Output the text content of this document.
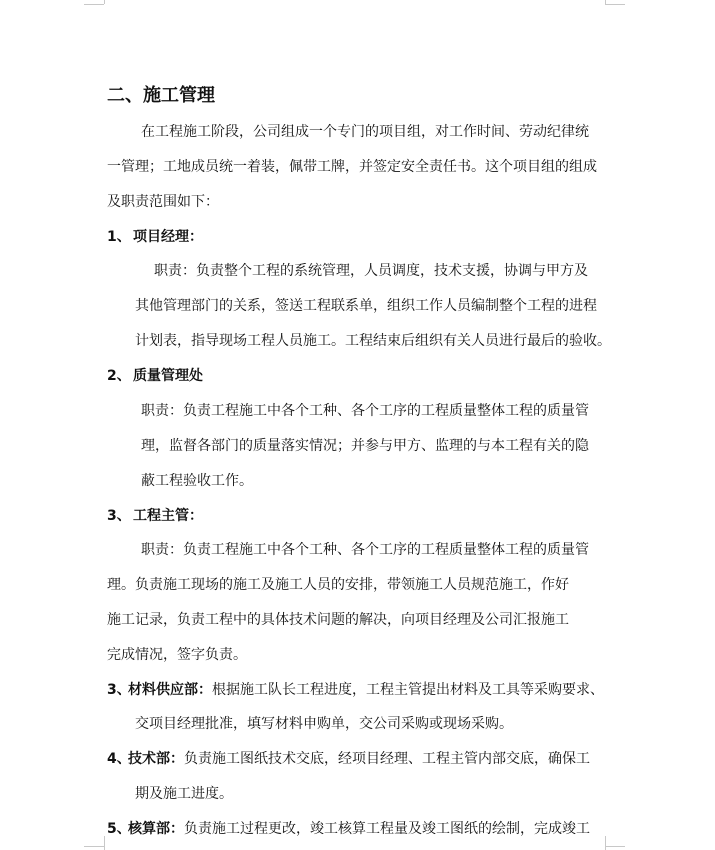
二、施工管理
在工程施工阶段，公司组成一个专门的项目组，对工作时间、劳动纪律统
一管理；工地成员统一着装，佩带工牌，并签定安全责任书。这个项目组的组成
及职责范围如下：
1、 项目经理：
职责：负责整个工程的系统管理，人员调度，技术支援，协调与甲方及
其他管理部门的关系，签送工程联系单，组织工作人员编制整个工程的进程
计划表，指导现场工程人员施工。工程结束后组织有关人员进行最后的验收。
2、 质量管理处
职责：负责工程施工中各个工种、各个工序的工程质量整体工程的质量管
理，监督各部门的质量落实情况；并参与甲方、监理的与本工程有关的隐
蔽工程验收工作。
3、 工程主管：
职责：负责工程施工中各个工种、各个工序的工程质量整体工程的质量管
理。负责施工现场的施工及施工人员的安排，带领施工人员规范施工，作好
施工记录，负责工程中的具体技术问题的解决，向项目经理及公司汇报施工
完成情况，签字负责。
3、
材料供应部： 根据施工队长工程进度，工程主管提出材料及工具等采购要求、
交项目经理批准，填写材料申购单，交公司采购或现场采购。
4、
技术部： 负责施工图纸技术交底，经项目经理、工程主管内部交底，确保工
期及施工进度。
5、
核算部： 负责施工过程更改，竣工核算工程量及竣工图纸的绘制，完成竣工
